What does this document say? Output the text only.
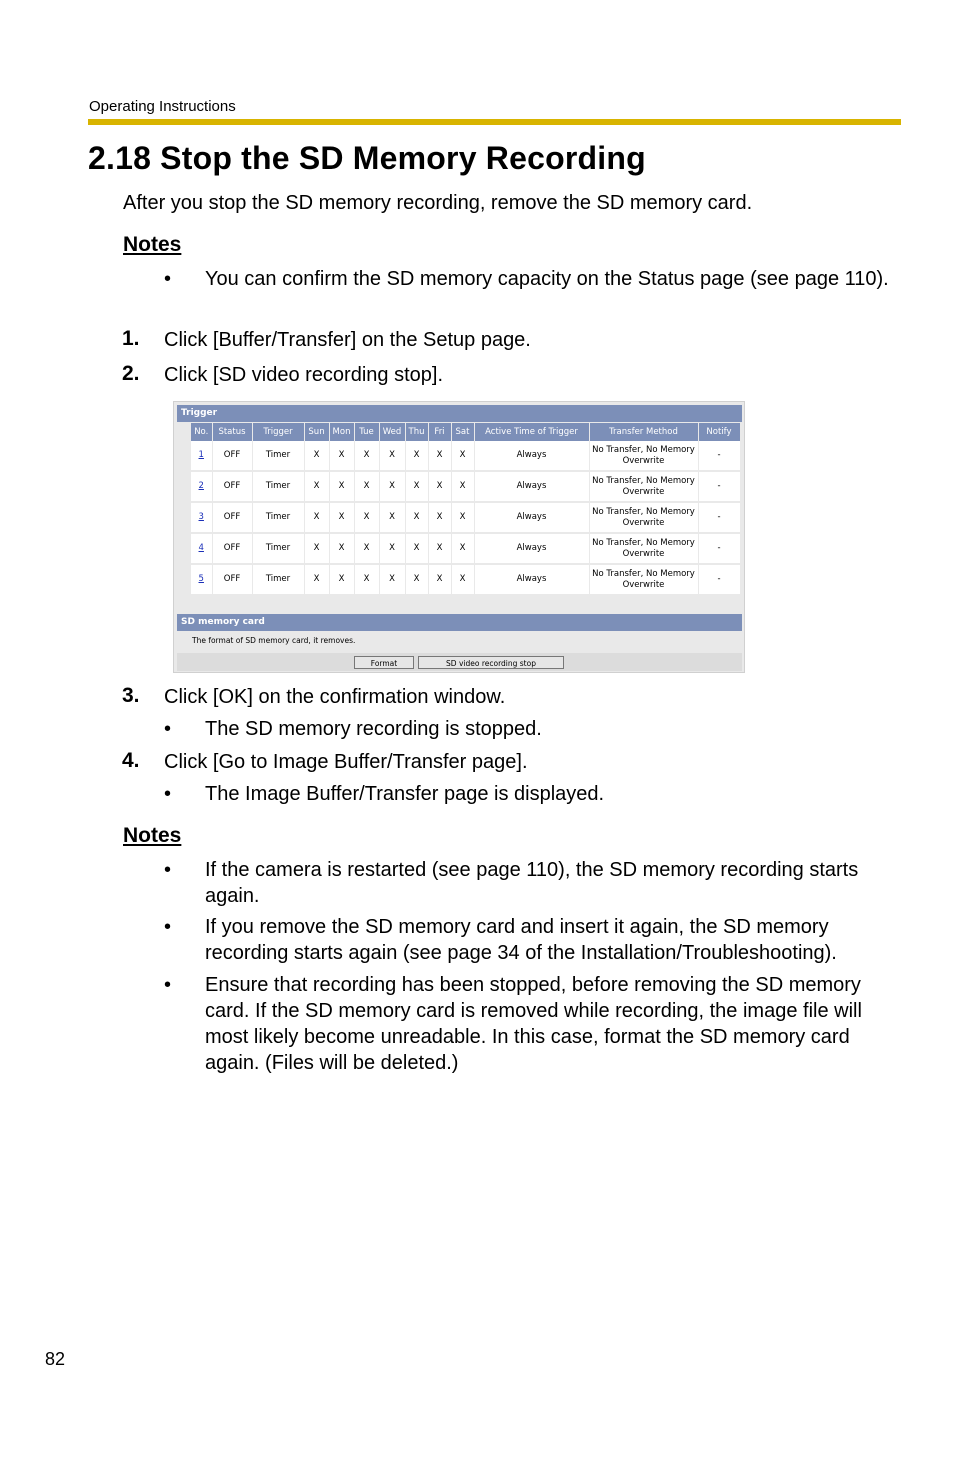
Operating Instructions
2.18 Stop the SD Memory Recording
After you stop the SD memory recording, remove the SD memory card.
Notes
• You can confirm the SD memory capacity on the Status page (see page 110).
1. Click [Buffer/Transfer] on the Setup page.
2. Click [SD video recording stop].
Trigger
No.	Status	Trigger	Sun	Mon	Tue	Wed	Thu	Fri	Sat	Active Time of Trigger	Transfer Method	Notify
1	OFF	Timer	X	X	X	X	X	X	X	Always	No Transfer, No Memory Overwrite	-
2	OFF	Timer	X	X	X	X	X	X	X	Always	No Transfer, No Memory Overwrite	-
3	OFF	Timer	X	X	X	X	X	X	X	Always	No Transfer, No Memory Overwrite	-
4	OFF	Timer	X	X	X	X	X	X	X	Always	No Transfer, No Memory Overwrite	-
5	OFF	Timer	X	X	X	X	X	X	X	Always	No Transfer, No Memory Overwrite	-
SD memory card
The format of SD memory card, it removes.
Format	SD video recording stop
3. Click [OK] on the confirmation window.
• The SD memory recording is stopped.
4. Click [Go to Image Buffer/Transfer page].
• The Image Buffer/Transfer page is displayed.
Notes
• If the camera is restarted (see page 110), the SD memory recording starts again.
• If you remove the SD memory card and insert it again, the SD memory recording starts again (see page 34 of the Installation/Troubleshooting).
• Ensure that recording has been stopped, before removing the SD memory card. If the SD memory card is removed while recording, the image file will most likely become unreadable. In this case, format the SD memory card again. (Files will be deleted.)
82
